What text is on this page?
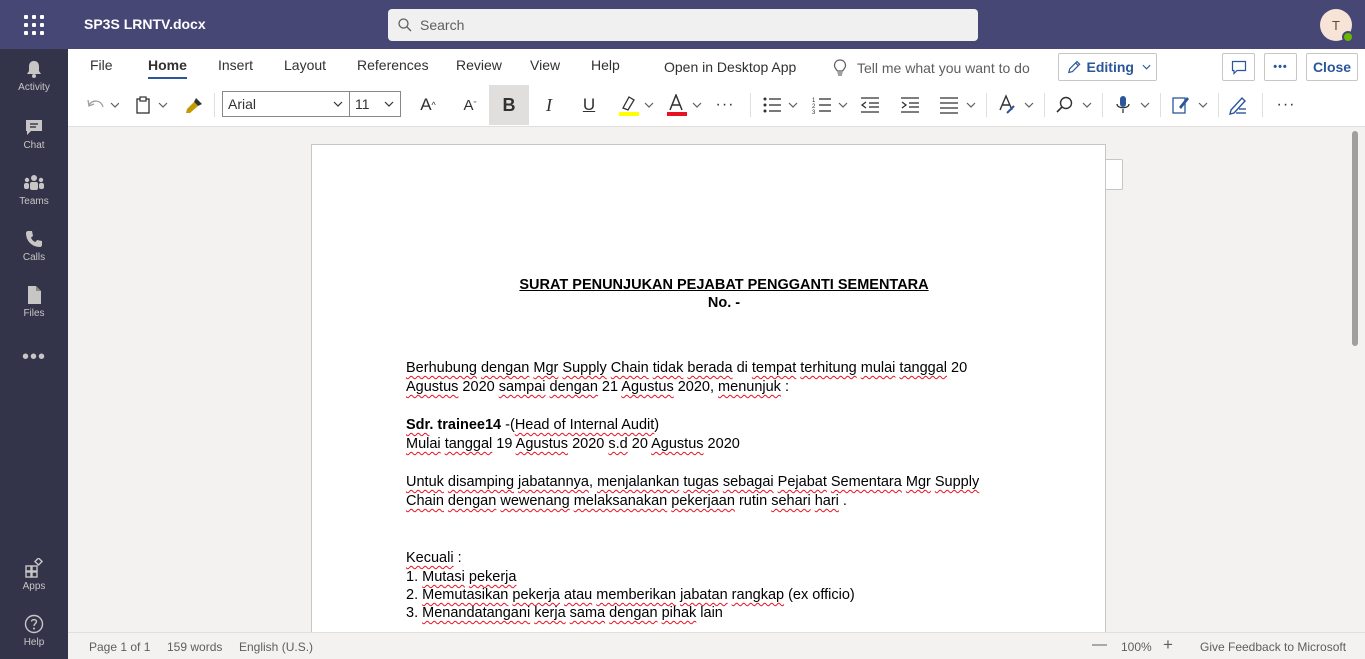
SP3S LRNTV.docx	Search	T
Activity
Chat
Teams
Calls
Files
•••
Apps
Help
File	Home Insert Layout References Review View Help	Open in Desktop App	Tell me what you want to do	Editing	•••	Close
Arial	11	A ^ A ˇ	B	I	U	···	1
2
3	···
SURAT PENUNJUKAN PEJABAT PENGGANTI SEMENTARA
No. -
Berhubung dengan Mgr Supply Chain tidak berada di tempat terhitung mulai tanggal 20
Agustus 2020 sampai dengan 21 Agustus 2020, menunjuk :
Sdr. trainee14 -(Head of Internal Audit)
Mulai tanggal 19 Agustus 2020 s.d 20 Agustus 2020
Untuk disamping jabatannya, menjalankan tugas sebagai Pejabat Sementara Mgr Supply
Chain dengan wewenang melaksanakan pekerjaan rutin sehari hari .
Kecuali :
1. Mutasi pekerja
2. Memutasikan pekerja atau memberikan jabatan rangkap (ex officio)
3. Menandatangani kerja sama dengan pihak lain
Page 1 of 1 159 words English (U.S.)	— 100% + Give Feedback to Microsoft
